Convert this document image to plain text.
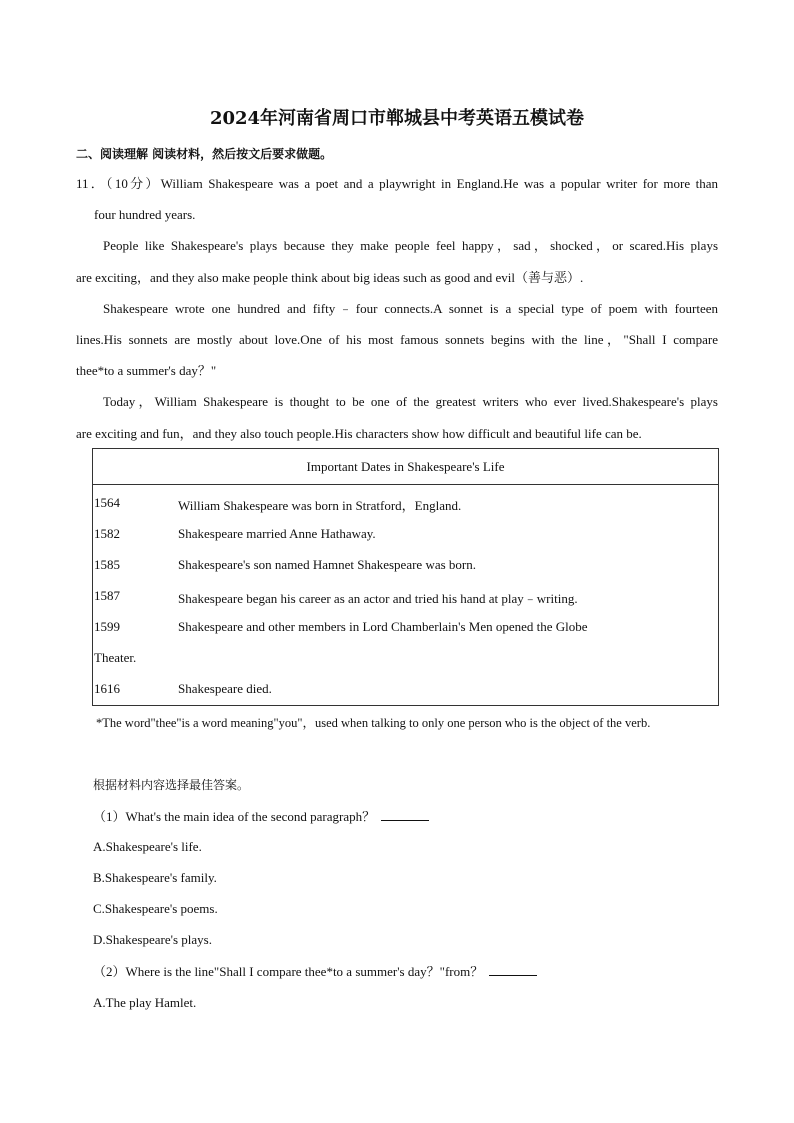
2024年河南省周口市郸城县中考英语五模试卷
二、阅读理解 阅读材料，然后按文后要求做题。
11．（10分）William Shakespeare was a poet and a playwright in England.He was a popular writer for more than
four hundred years.
People like Shakespeare's plays because they make people feel happy，sad，shocked，or scared.His plays
are exciting，and they also make people think about big ideas such as good and evil（善与恶）.
Shakespeare wrote one hundred and fifty﹣four connects.A sonnet is a special type of poem with fourteen
lines.His sonnets are mostly about love.One of his most famous sonnets begins with the line，"Shall I compare
thee*to a summer's day？"
Today，William Shakespeare is thought to be one of the greatest writers who ever lived.Shakespeare's plays
are exciting and fun，and they also touch people.His characters show how difficult and beautiful life can be.
Important Dates in Shakespeare's Life
1564	William Shakespeare was born in Stratford，England.
1582	Shakespeare married Anne Hathaway.
1585	Shakespeare's son named Hamnet Shakespeare was born.
1587	Shakespeare began his career as an actor and tried his hand at play﹣writing.
1599	Shakespeare and other members in Lord Chamberlain's Men opened the Globe
Theater.
1616	Shakespeare died.
*The word"thee"is a word meaning"you"，used when talking to only one person who is the object of the verb.
根据材料内容选择最佳答案。
（1）What's the main idea of the second paragraph？
A.Shakespeare's life.
B.Shakespeare's family.
C.Shakespeare's poems.
D.Shakespeare's plays.
（2）Where is the line"Shall I compare thee*to a summer's day？"from？
A.The play Hamlet.
